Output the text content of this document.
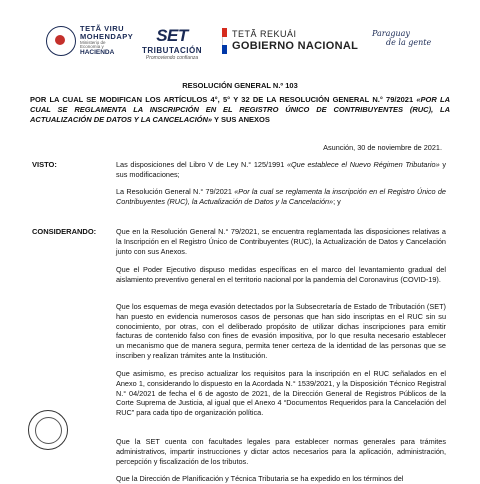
TETÃ VIRU
MOHENDAPY
Ministerio de
Economía y
HACIENDA
SET
TRIBUTACIÓN
Promoviendo confianza
TETÃ REKUÁI
GOBIERNO NACIONAL
Paraguay
de la gente
RESOLUCIÓN GENERAL N.º 103
POR LA CUAL SE MODIFICAN LOS ARTÍCULOS 4°, 5° Y 32 DE LA RESOLUCIÓN GENERAL N.° 79/2021 «POR LA CUAL SE REGLAMENTA LA INSCRIPCIÓN EN EL REGISTRO ÚNICO DE CONTRIBUYENTES (RUC), LA ACTUALIZACIÓN DE DATOS Y LA CANCELACIÓN» Y SUS ANEXOS
Asunción, 30 de noviembre de 2021.
VISTO:	Las disposiciones del Libro V de Ley N.° 125/1991 «Que establece el Nuevo Régimen Tributario» y sus modificaciones;
La Resolución General N.° 79/2021 «Por la cual se reglamenta la inscripción en el Registro Único de Contribuyentes (RUC), la Actualización de Datos y la Cancelación»; y
CONSIDERANDO:	Que en la Resolución General N.° 79/2021, se encuentra reglamentada las disposiciones relativas a la Inscripción en el Registro Único de Contribuyentes (RUC), la Actualización de Datos y Cancelación junto con sus Anexos.
Que el Poder Ejecutivo dispuso medidas específicas en el marco del levantamiento gradual del aislamiento preventivo general en el territorio nacional por la pandemia del Coronavirus (COVID-19).
Que los esquemas de mega evasión detectados por la Subsecretaría de Estado de Tributación (SET) han puesto en evidencia numerosos casos de personas que han sido inscriptas en el RUC sin su conocimiento, por otras, con el deliberado propósito de utilizar dichas inscripciones para emitir facturas de contenido falso con fines de evasión impositiva, por lo que resulta necesario establecer un mecanismo que de manera segura, permita tener certeza de la identidad de las personas que se inscriben y realizan trámites ante la Institución.
Que asimismo, es preciso actualizar los requisitos para la inscripción en el RUC señalados en el Anexo 1, considerando lo dispuesto en la Acordada N.° 1539/2021, y la Disposición Técnico Registral N.° 04/2021 de fecha el 6 de agosto de 2021, de la Dirección General de Registros Públicos de la Corte Suprema de Justicia, al igual que el Anexo 4 “Documentos Requeridos para la Cancelación del RUC” para cada tipo de organización política.
Que la SET cuenta con facultades legales para establecer normas generales para trámites administrativos, impartir instrucciones y dictar actos necesarios para la aplicación, administración, percepción y fiscalización de los tributos.
Que la Dirección de Planificación y Técnica Tributaria se ha expedido en los términos del
